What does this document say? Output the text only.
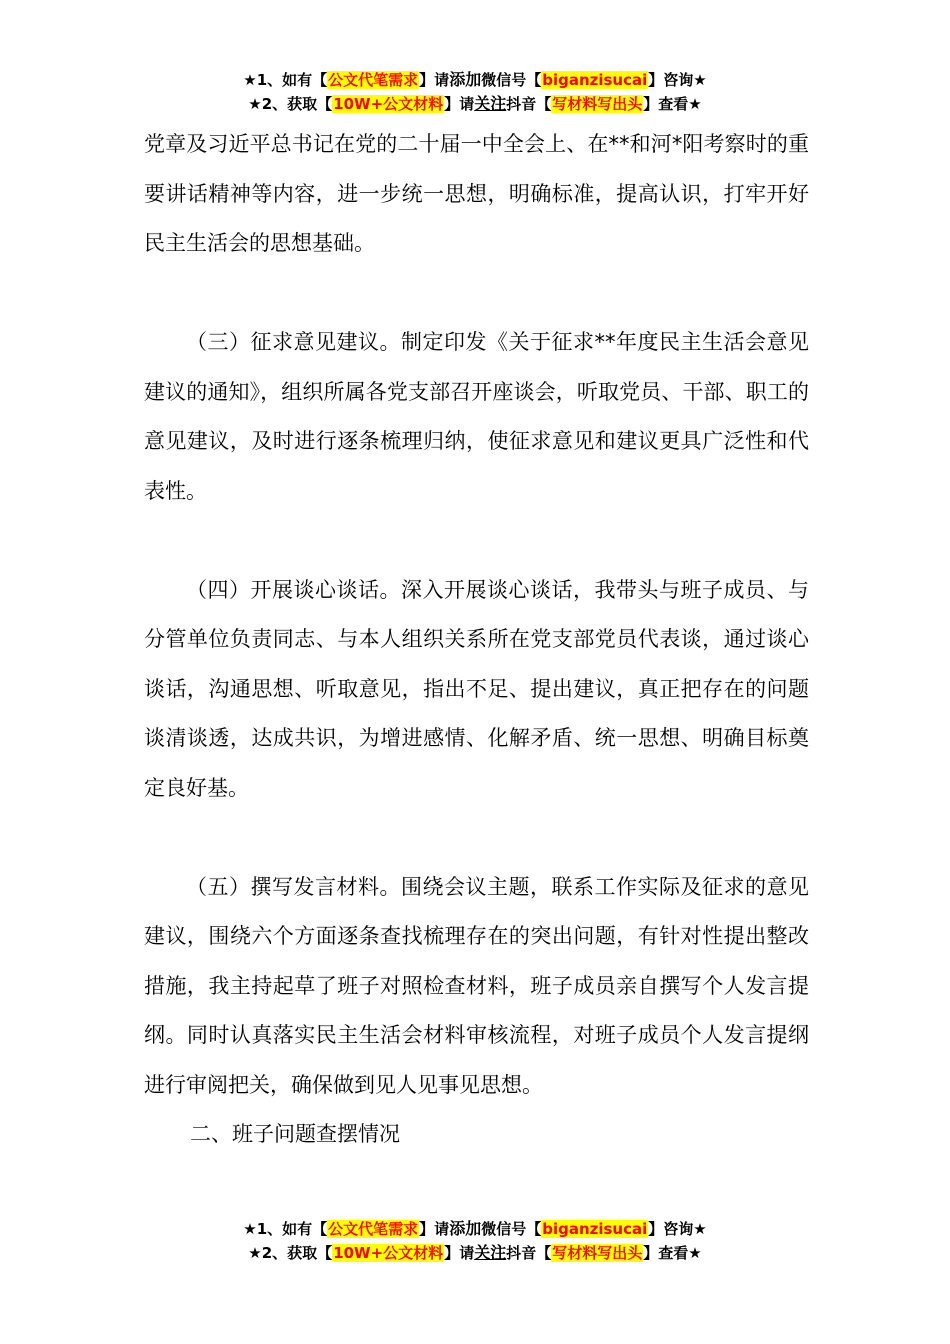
★1、如有【公文代笔需求】请添加微信号【biganzisucai】咨询★
★2、获取【10W+公文材料】请关注抖音【写材料写出头】查看★

党章及习近平总书记在党的二十届一中全会上、在**和河*阳考察时的重要讲话精神等内容，进一步统一思想，明确标准，提高认识，打牢开好民主生活会的思想基础。

（三）征求意见建议。制定印发《关于征求**年度民主生活会意见建议的通知》，组织所属各党支部召开座谈会，听取党员、干部、职工的意见建议，及时进行逐条梳理归纳，使征求意见和建议更具广泛性和代表性。

（四）开展谈心谈话。深入开展谈心谈话，我带头与班子成员、与分管单位负责同志、与本人组织关系所在党支部党员代表谈，通过谈心谈话，沟通思想、听取意见，指出不足、提出建议，真正把存在的问题谈清谈透，达成共识，为增进感情、化解矛盾、统一思想、明确目标奠定良好基。

（五）撰写发言材料。围绕会议主题，联系工作实际及征求的意见建议，围绕六个方面逐条查找梳理存在的突出问题，有针对性提出整改措施，我主持起草了班子对照检查材料，班子成员亲自撰写个人发言提纲。同时认真落实民主生活会材料审核流程，对班子成员个人发言提纲进行审阅把关，确保做到见人见事见思想。

二、班子问题查摆情况

★1、如有【公文代笔需求】请添加微信号【biganzisucai】咨询★
★2、获取【10W+公文材料】请关注抖音【写材料写出头】查看★
